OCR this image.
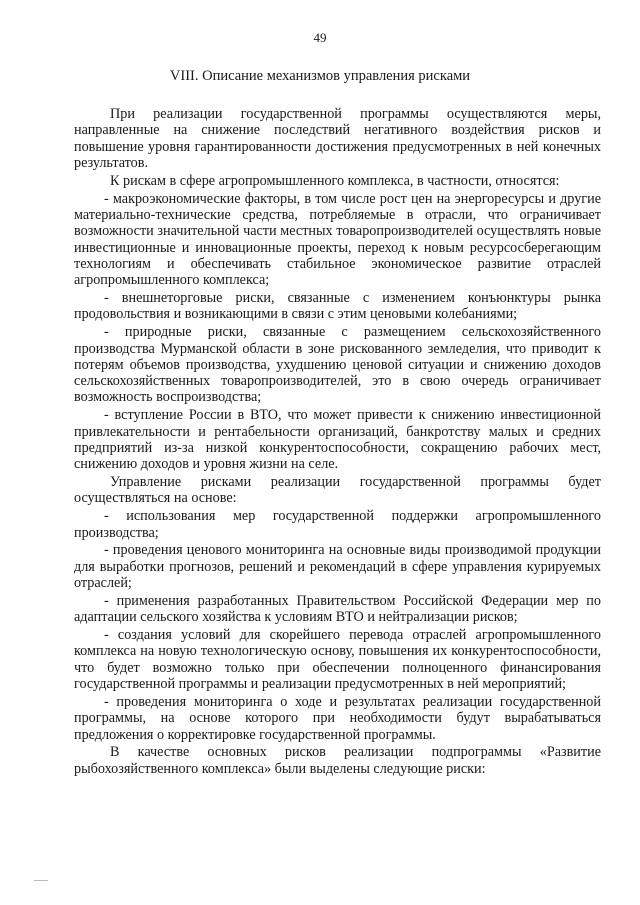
49
VIII. Описание механизмов управления рисками

При реализации государственной программы осуществляются меры, направленные на снижение последствий негативного воздействия рисков и повышение уровня гарантированности достижения предусмотренных в ней конечных результатов.

К рискам в сфере агропромышленного комплекса, в частности, относятся:

- макроэкономические факторы, в том числе рост цен на энергоресурсы и другие материально-технические средства, потребляемые в отрасли, что ограничивает возможности значительной части местных товаропроизводителей осуществлять новые инвестиционные и инновационные проекты, переход к новым ресурсосберегающим технологиям и обеспечивать стабильное экономическое развитие отраслей агропромышленного комплекса;

- внешнеторговые риски, связанные с изменением конъюнктуры рынка продовольствия и возникающими в связи с этим ценовыми колебаниями;

- природные риски, связанные с размещением сельскохозяйственного производства Мурманской области в зоне рискованного земледелия, что приводит к потерям объемов производства, ухудшению ценовой ситуации и снижению доходов сельскохозяйственных товаропроизводителей, это в свою очередь ограничивает возможность воспроизводства;

- вступление России в ВТО, что может привести к снижению инвестиционной привлекательности и рентабельности организаций, банкротству малых и средних предприятий из-за низкой конкурентоспособности, сокращению рабочих мест, снижению доходов и уровня жизни на селе.

Управление рисками реализации государственной программы будет осуществляться на основе:

- использования мер государственной поддержки агропромышленного производства;

- проведения ценового мониторинга на основные виды производимой продукции для выработки прогнозов, решений и рекомендаций в сфере управления курируемых отраслей;

- применения разработанных Правительством Российской Федерации мер по адаптации сельского хозяйства к условиям ВТО и нейтрализации рисков;

- создания условий для скорейшего перевода отраслей агропромышленного комплекса на новую технологическую основу, повышения их конкурентоспособности, что будет возможно только при обеспечении полноценного финансирования государственной программы и реализации предусмотренных в ней мероприятий;

- проведения мониторинга о ходе и результатах реализации государственной программы, на основе которого при необходимости будут вырабатываться предложения о корректировке государственной программы.

В качестве основных рисков реализации подпрограммы «Развитие рыбохозяйственного комплекса» были выделены следующие риски:
